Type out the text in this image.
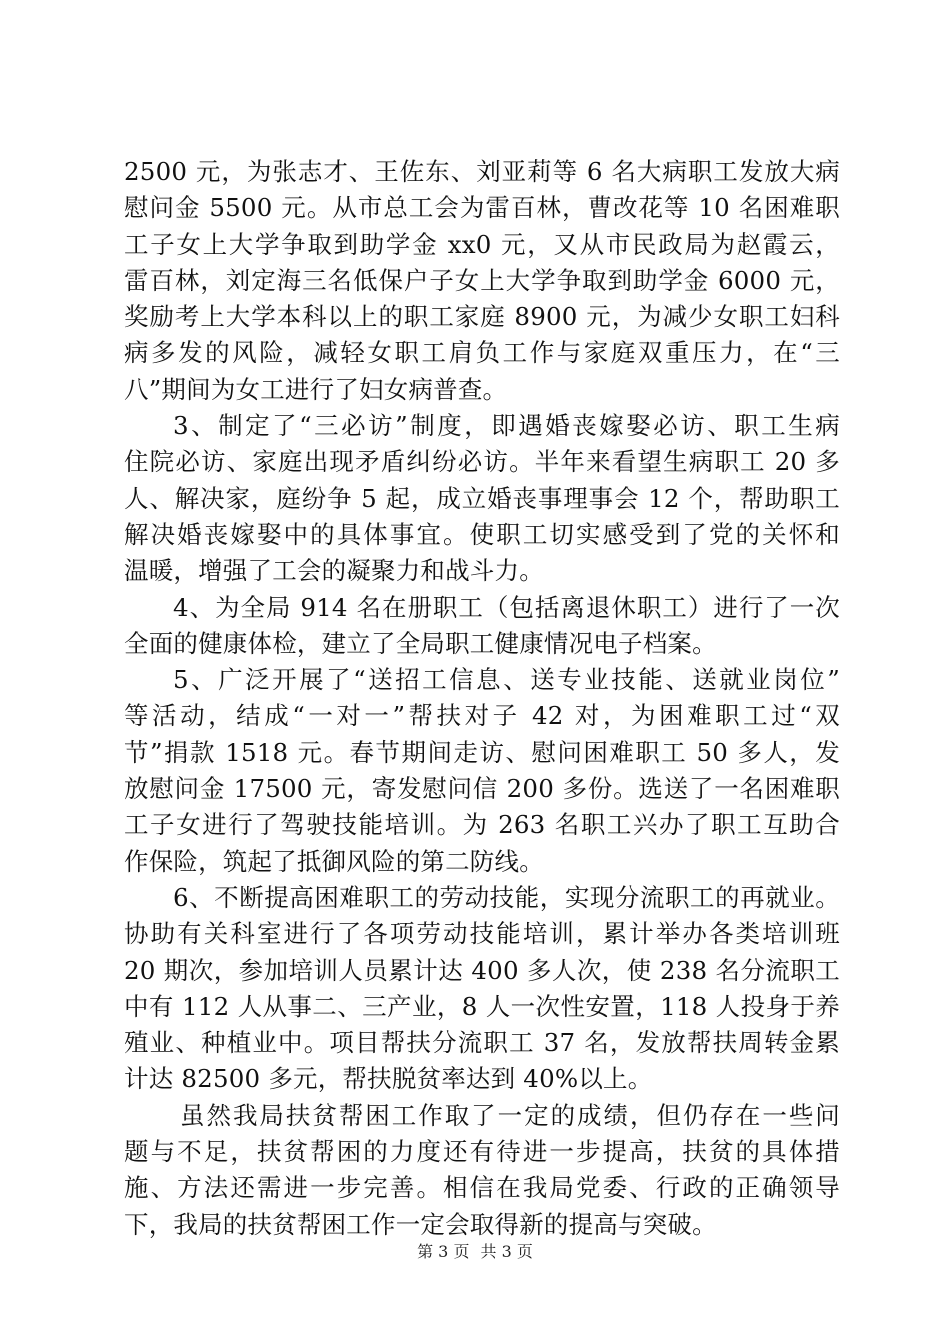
2500 元，为张志才、王佐东、刘亚莉等 6 名大病职工发放大病
慰问金 5500 元。从市总工会为雷百林，曹改花等 10 名困难职
工子女上大学争取到助学金 xx0 元，又从市民政局为赵霞云，
雷百林，刘定海三名低保户子女上大学争取到助学金 6000 元，
奖励考上大学本科以上的职工家庭 8900 元，为减少女职工妇科
病多发的风险，减轻女职工肩负工作与家庭双重压力，在“三
八”期间为女工进行了妇女病普查。

3、制定了“三必访”制度，即遇婚丧嫁娶必访、职工生病
住院必访、家庭出现矛盾纠纷必访。半年来看望生病职工 20 多
人、解决家，庭纷争 5 起，成立婚丧事理事会 12 个，帮助职工
解决婚丧嫁娶中的具体事宜。使职工切实感受到了党的关怀和
温暖，增强了工会的凝聚力和战斗力。

4、为全局 914 名在册职工（包括离退休职工）进行了一次
全面的健康体检，建立了全局职工健康情况电子档案。

5、广泛开展了“送招工信息、送专业技能、送就业岗位”
等活动，结成“一对一”帮扶对子 42 对，为困难职工过“双
节”捐款 1518 元。春节期间走访、慰问困难职工 50 多人，发
放慰问金 17500 元，寄发慰问信 200 多份。选送了一名困难职
工子女进行了驾驶技能培训。为 263 名职工兴办了职工互助合
作保险，筑起了抵御风险的第二防线。

6、不断提高困难职工的劳动技能，实现分流职工的再就业。
协助有关科室进行了各项劳动技能培训，累计举办各类培训班
20 期次，参加培训人员累计达 400 多人次，使 238 名分流职工
中有 112 人从事二、三产业，8 人一次性安置，118 人投身于养
殖业、种植业中。项目帮扶分流职工 37 名，发放帮扶周转金累
计达 82500 多元，帮扶脱贫率达到 40%以上。

虽然我局扶贫帮困工作取了一定的成绩，但仍存在一些问
题与不足，扶贫帮困的力度还有待进一步提高，扶贫的具体措
施、方法还需进一步完善。相信在我局党委、行政的正确领导
下，我局的扶贫帮困工作一定会取得新的提高与突破。

第 3 页 共 3 页
